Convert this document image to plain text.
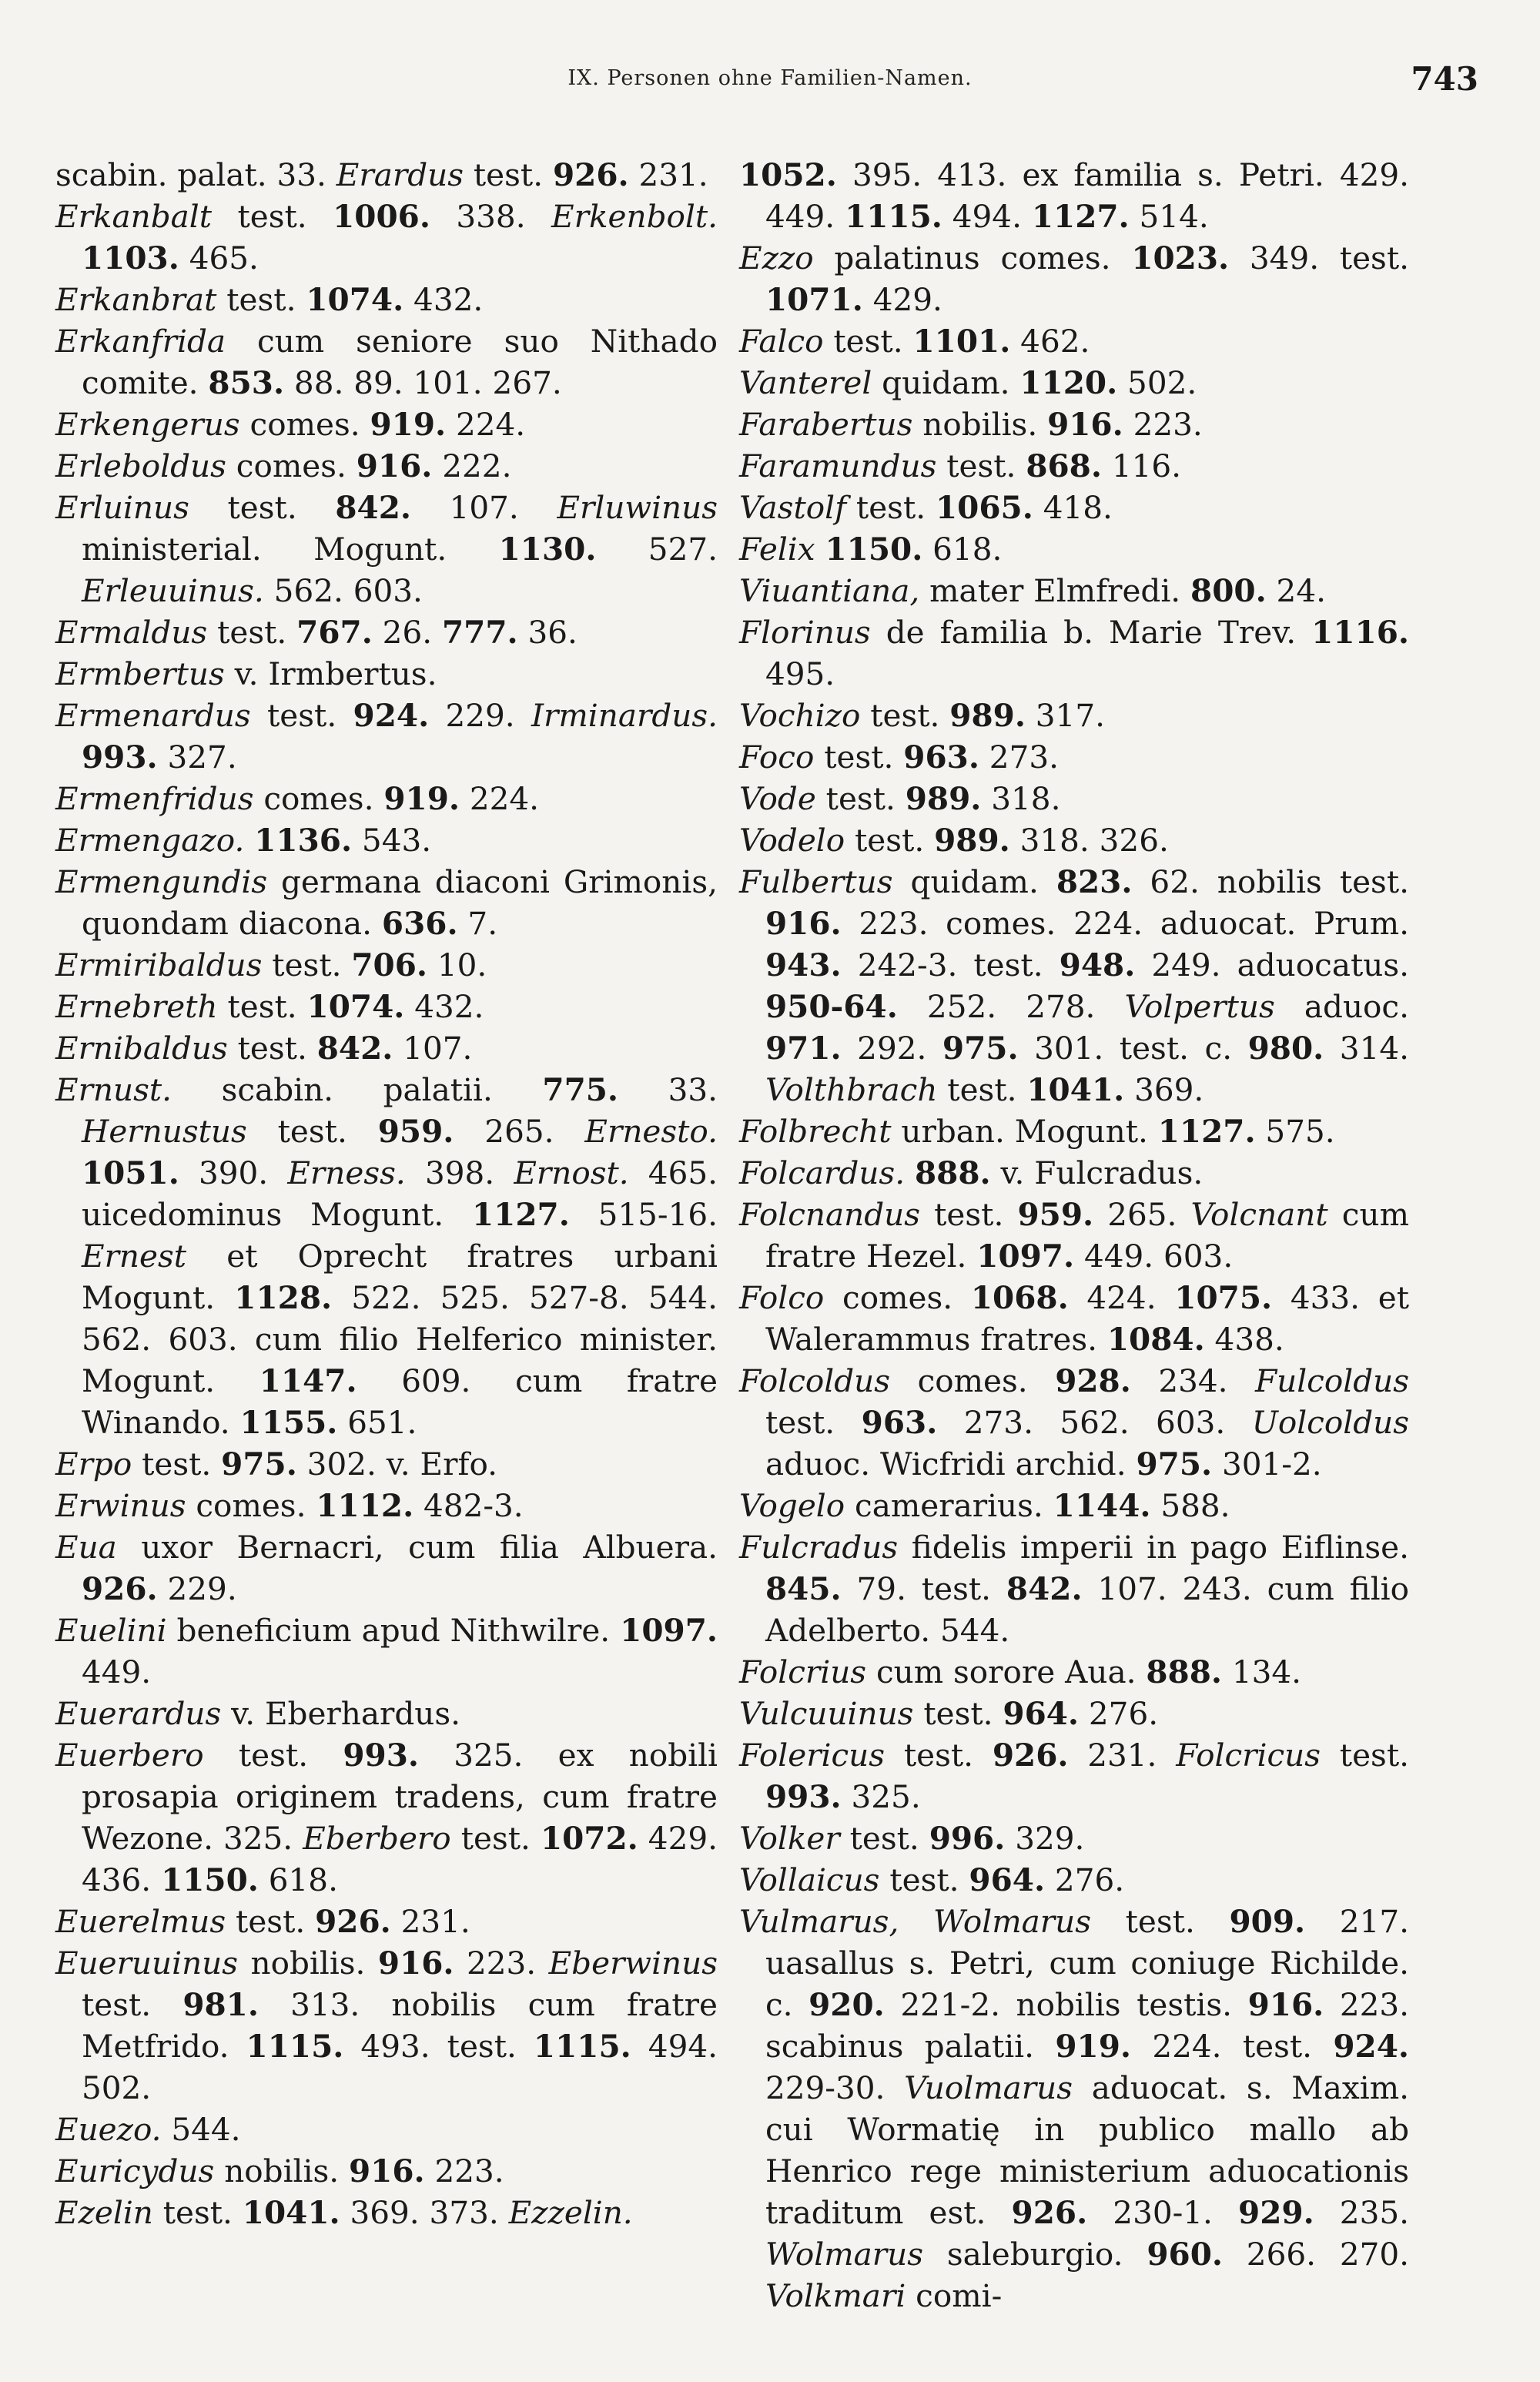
IX. Personen ohne Familien-Namen.	743

scabin. palat. 33. Erardus test. 926. 231.

Erkanbalt test. 1006. 338. Erkenbolt. 1103. 465.

Erkanbrat test. 1074. 432.

Erkanfrida cum seniore suo Nithado comite. 853. 88. 89. 101. 267.

Erkengerus comes. 919. 224.

Erleboldus comes. 916. 222.

Erluinus test. 842. 107. Erluwinus ministerial. Mogunt. 1130. 527. Erleuuinus. 562. 603.

Ermaldus test. 767. 26. 777. 36.

Ermbertus v. Irmbertus.

Ermenardus test. 924. 229. Irminardus. 993. 327.

Ermenfridus comes. 919. 224.

Ermengazo. 1136. 543.

Ermengundis germana diaconi Grimonis, quondam diacona. 636. 7.

Ermiribaldus test. 706. 10.

Ernebreth test. 1074. 432.

Ernibaldus test. 842. 107.

Ernust. scabin. palatii. 775. 33. Hernustus test. 959. 265. Ernesto. 1051. 390. Erness. 398. Ernost. 465. uicedominus Mogunt. 1127. 515-16. Ernest et Oprecht fratres urbani Mogunt. 1128. 522. 525. 527-8. 544. 562. 603. cum filio Helferico minister. Mogunt. 1147. 609. cum fratre Winando. 1155. 651.

Erpo test. 975. 302. v. Erfo.

Erwinus comes. 1112. 482-3.

Eua uxor Bernacri, cum filia Albuera. 926. 229.

Euelini beneficium apud Nithwilre. 1097. 449.

Euerardus v. Eberhardus.

Euerbero test. 993. 325. ex nobili prosapia originem tradens, cum fratre Wezone. 325. Eberbero test. 1072. 429. 436. 1150. 618.

Euerelmus test. 926. 231.

Eueruuinus nobilis. 916. 223. Eberwinus test. 981. 313. nobilis cum fratre Metfrido. 1115. 493. test. 1115. 494. 502.

Euezo. 544.

Euricydus nobilis. 916. 223.

Ezelin test. 1041. 369. 373. Ezzelin.

1052. 395. 413. ex familia s. Petri. 429. 449. 1115. 494. 1127. 514.

Ezzo palatinus comes. 1023. 349. test. 1071. 429.

Falco test. 1101. 462.

Vanterel quidam. 1120. 502.

Farabertus nobilis. 916. 223.

Faramundus test. 868. 116.

Vastolf test. 1065. 418.

Felix 1150. 618.

Viuantiana, mater Elmfredi. 800. 24.

Florinus de familia b. Marie Trev. 1116. 495.

Vochizo test. 989. 317.

Foco test. 963. 273.

Vode test. 989. 318.

Vodelo test. 989. 318. 326.

Fulbertus quidam. 823. 62. nobilis test. 916. 223. comes. 224. aduocat. Prum. 943. 242-3. test. 948. 249. aduocatus. 950-64. 252. 278. Volpertus aduoc. 971. 292. 975. 301. test. c. 980. 314. Volthbrach test. 1041. 369.

Folbrecht urban. Mogunt. 1127. 575.

Folcardus. 888. v. Fulcradus.

Folcnandus test. 959. 265. Volcnant cum fratre Hezel. 1097. 449. 603.

Folco comes. 1068. 424. 1075. 433. et Walerammus fratres. 1084. 438.

Folcoldus comes. 928. 234. Fulcoldus test. 963. 273. 562. 603. Uolcoldus aduoc. Wicfridi archid. 975. 301-2.

Vogelo camerarius. 1144. 588.

Fulcradus fidelis imperii in pago Eiflinse. 845. 79. test. 842. 107. 243. cum filio Adelberto. 544.

Folcrius cum sorore Aua. 888. 134.

Vulcuuinus test. 964. 276.

Folericus test. 926. 231. Folcricus test. 993. 325.

Volker test. 996. 329.

Vollaicus test. 964. 276.

Vulmarus, Wolmarus test. 909. 217. uasallus s. Petri, cum coniuge Richilde. c. 920. 221-2. nobilis testis. 916. 223. scabinus palatii. 919. 224. test. 924. 229-30. Vuolmarus aduocat. s. Maxim. cui Wormatię in publico mallo ab Henrico rege ministerium aduocationis traditum est. 926. 230-1. 929. 235. Wolmarus saleburgio. 960. 266. 270. Volkmari comi-
